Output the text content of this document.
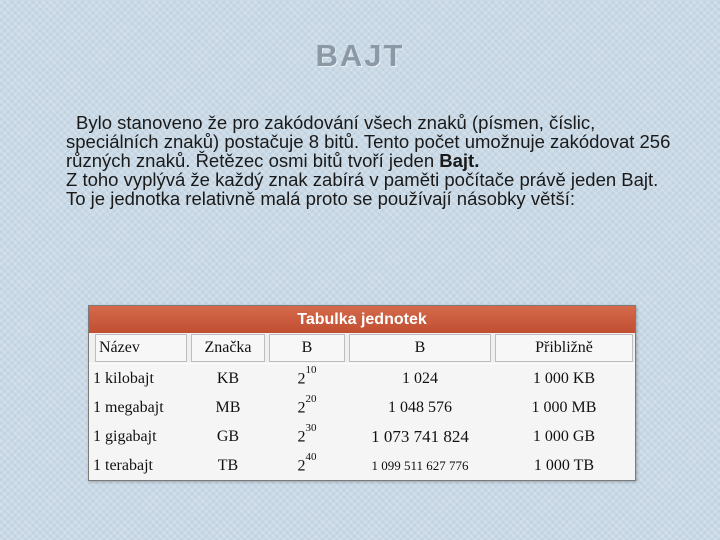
BAJT

Bylo stanoveno že pro zakódování všech znaků (písmen, číslic, speciálních znaků) postačuje 8 bitů. Tento počet umožnuje zakódovat 256 různých znaků. Řetězec osmi bitů tvoří jeden Bajt.

Z toho vyplývá že každý znak zabírá v paměti počítače právě jeden Bajt.

To je jednotka relativně malá proto se používají násobky větší:

Tabulka jednotek
Název	Značka	B	B	Přibližně

1 kilobajt	KB	$2^{10}$	1 024	1 000 KB
1 megabajt	MB	$2^{20}$	1 048 576	1 000 MB
1 gigabajt	GB	$2^{30}$	1 073 741 824	1 000 GB
1 terabajt	TB	$2^{40}$	1 099 511 627 776	1 000 TB
